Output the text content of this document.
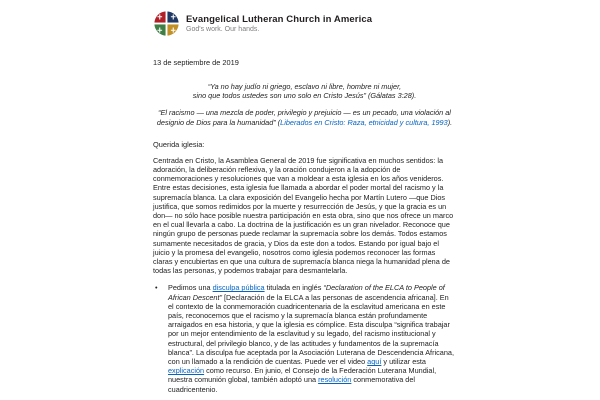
Evangelical Lutheran Church in America
God's work. Our hands.
13 de septiembre de 2019
“Ya no hay judío ni griego, esclavo ni libre, hombre ni mujer,
sino que todos ustedes son uno solo en Cristo Jesús” (Gálatas 3:28).
“El racismo — una mezcla de poder, privilegio y prejuicio — es un pecado, una violación al designio de Dios para la humanidad” (Liberados en Cristo: Raza, etnicidad y cultura, 1993).
Querida iglesia:

Centrada en Cristo, la Asamblea General de 2019 fue significativa en muchos sentidos: la adoración, la deliberación reflexiva, y la oración condujeron a la adopción de conmemoraciones y resoluciones que van a moldear a esta iglesia en los años venideros. Entre estas decisiones, esta iglesia fue llamada a abordar el poder mortal del racismo y la supremacía blanca. La clara exposición del Evangelio hecha por Martín Lutero —que Dios justifica, que somos redimidos por la muerte y resurrección de Jesús, y que la gracia es un don— no sólo hace posible nuestra participación en esta obra, sino que nos ofrece un marco en el cual llevarla a cabo. La doctrina de la justificación es un gran nivelador. Reconoce que ningún grupo de personas puede reclamar la supremacía sobre los demás. Todos estamos sumamente necesitados de gracia, y Dios da este don a todos. Estando por igual bajo el juicio y la promesa del evangelio, nosotros como iglesia podemos reconocer las formas claras y encubiertas en que una cultura de supremacía blanca niega la humanidad plena de todas las personas, y podemos trabajar para desmantelarla.

•	Pedimos una disculpa pública titulada en inglés “Declaration of the ELCA to People of African Descent” [Declaración de la ELCA a las personas de ascendencia africana]. En el contexto de la conmemoración cuadricentenaria de la esclavitud americana en este país, reconocemos que el racismo y la supremacía blanca están profundamente arraigados en esa historia, y que la iglesia es cómplice. Esta disculpa “significa trabajar por un mejor entendimiento de la esclavitud y su legado, del racismo institucional y estructural, del privilegio blanco, y de las actitudes y fundamentos de la supremacía blanca”. La disculpa fue aceptada por la Asociación Luterana de Descendencia Africana, con un llamado a la rendición de cuentas. Puede ver el video aquí y utilizar esta explicación como recurso. En junio, el Consejo de la Federación Luterana Mundial, nuestra comunión global, también adoptó una resolución conmemorativa del cuadricentenio.
